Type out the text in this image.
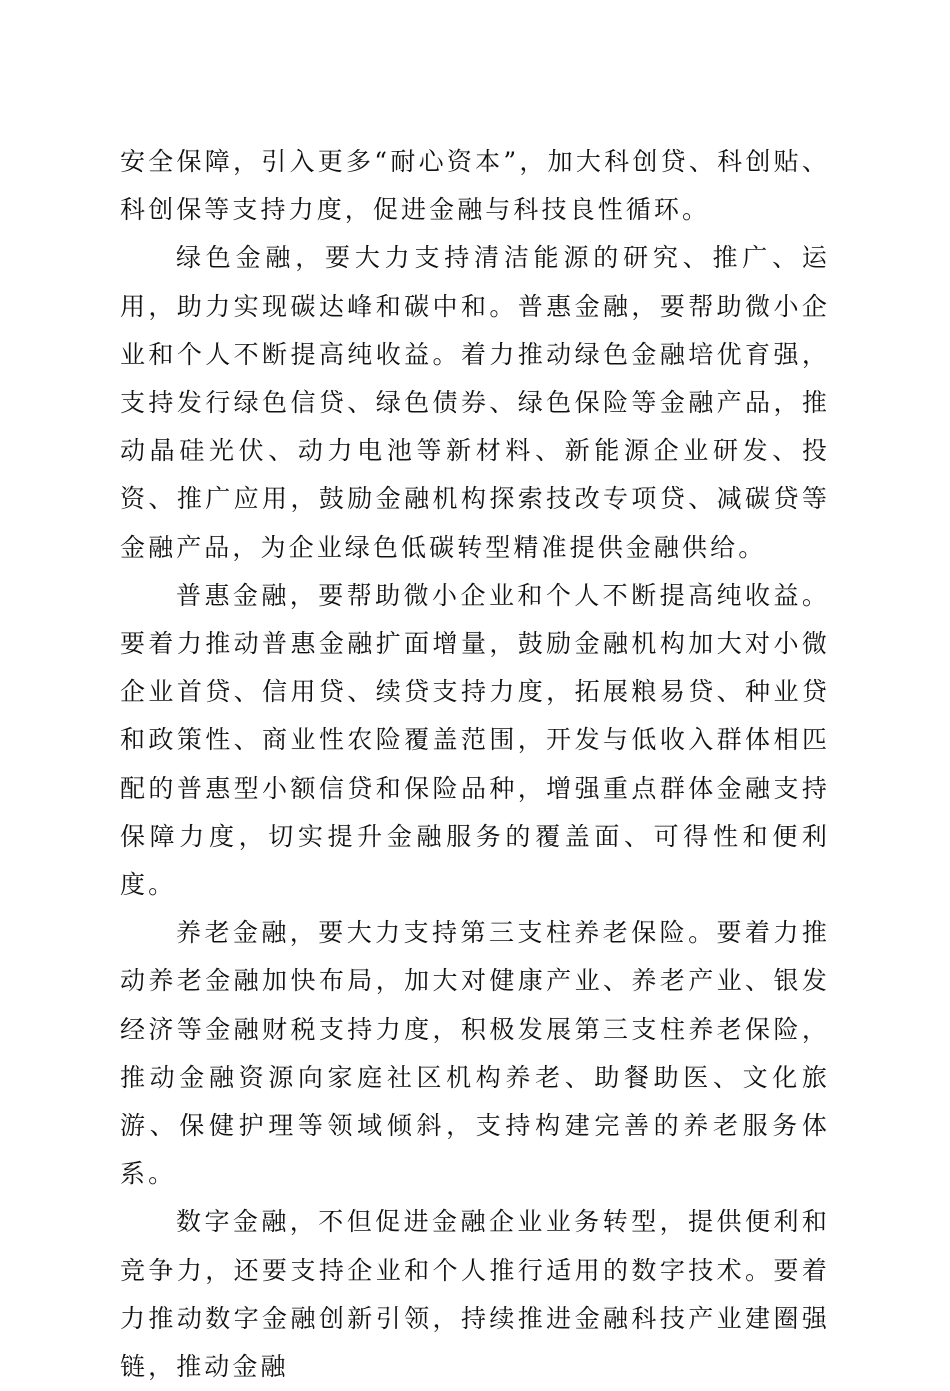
安全保障，引入更多“耐心资本”，加大科创贷、科创贴、科创保等支持力度，促进金融与科技良性循环。

绿色金融，要大力支持清洁能源的研究、推广、运用，助力实现碳达峰和碳中和。普惠金融，要帮助微小企业和个人不断提高纯收益。着力推动绿色金融培优育强，支持发行绿色信贷、绿色债券、绿色保险等金融产品，推动晶硅光伏、动力电池等新材料、新能源企业研发、投资、推广应用，鼓励金融机构探索技改专项贷、减碳贷等金融产品，为企业绿色低碳转型精准提供金融供给。

普惠金融，要帮助微小企业和个人不断提高纯收益。要着力推动普惠金融扩面增量，鼓励金融机构加大对小微企业首贷、信用贷、续贷支持力度，拓展粮易贷、种业贷和政策性、商业性农险覆盖范围，开发与低收入群体相匹配的普惠型小额信贷和保险品种，增强重点群体金融支持保障力度，切实提升金融服务的覆盖面、可得性和便利度。

养老金融，要大力支持第三支柱养老保险。要着力推动养老金融加快布局，加大对健康产业、养老产业、银发经济等金融财税支持力度，积极发展第三支柱养老保险，推动金融资源向家庭社区机构养老、助餐助医、文化旅游、保健护理等领域倾斜，支持构建完善的养老服务体系。

数字金融，不但促进金融企业业务转型，提供便利和竞争力，还要支持企业和个人推行适用的数字技术。要着力推动数字金融创新引领，持续推进金融科技产业建圈强链，推动金融
